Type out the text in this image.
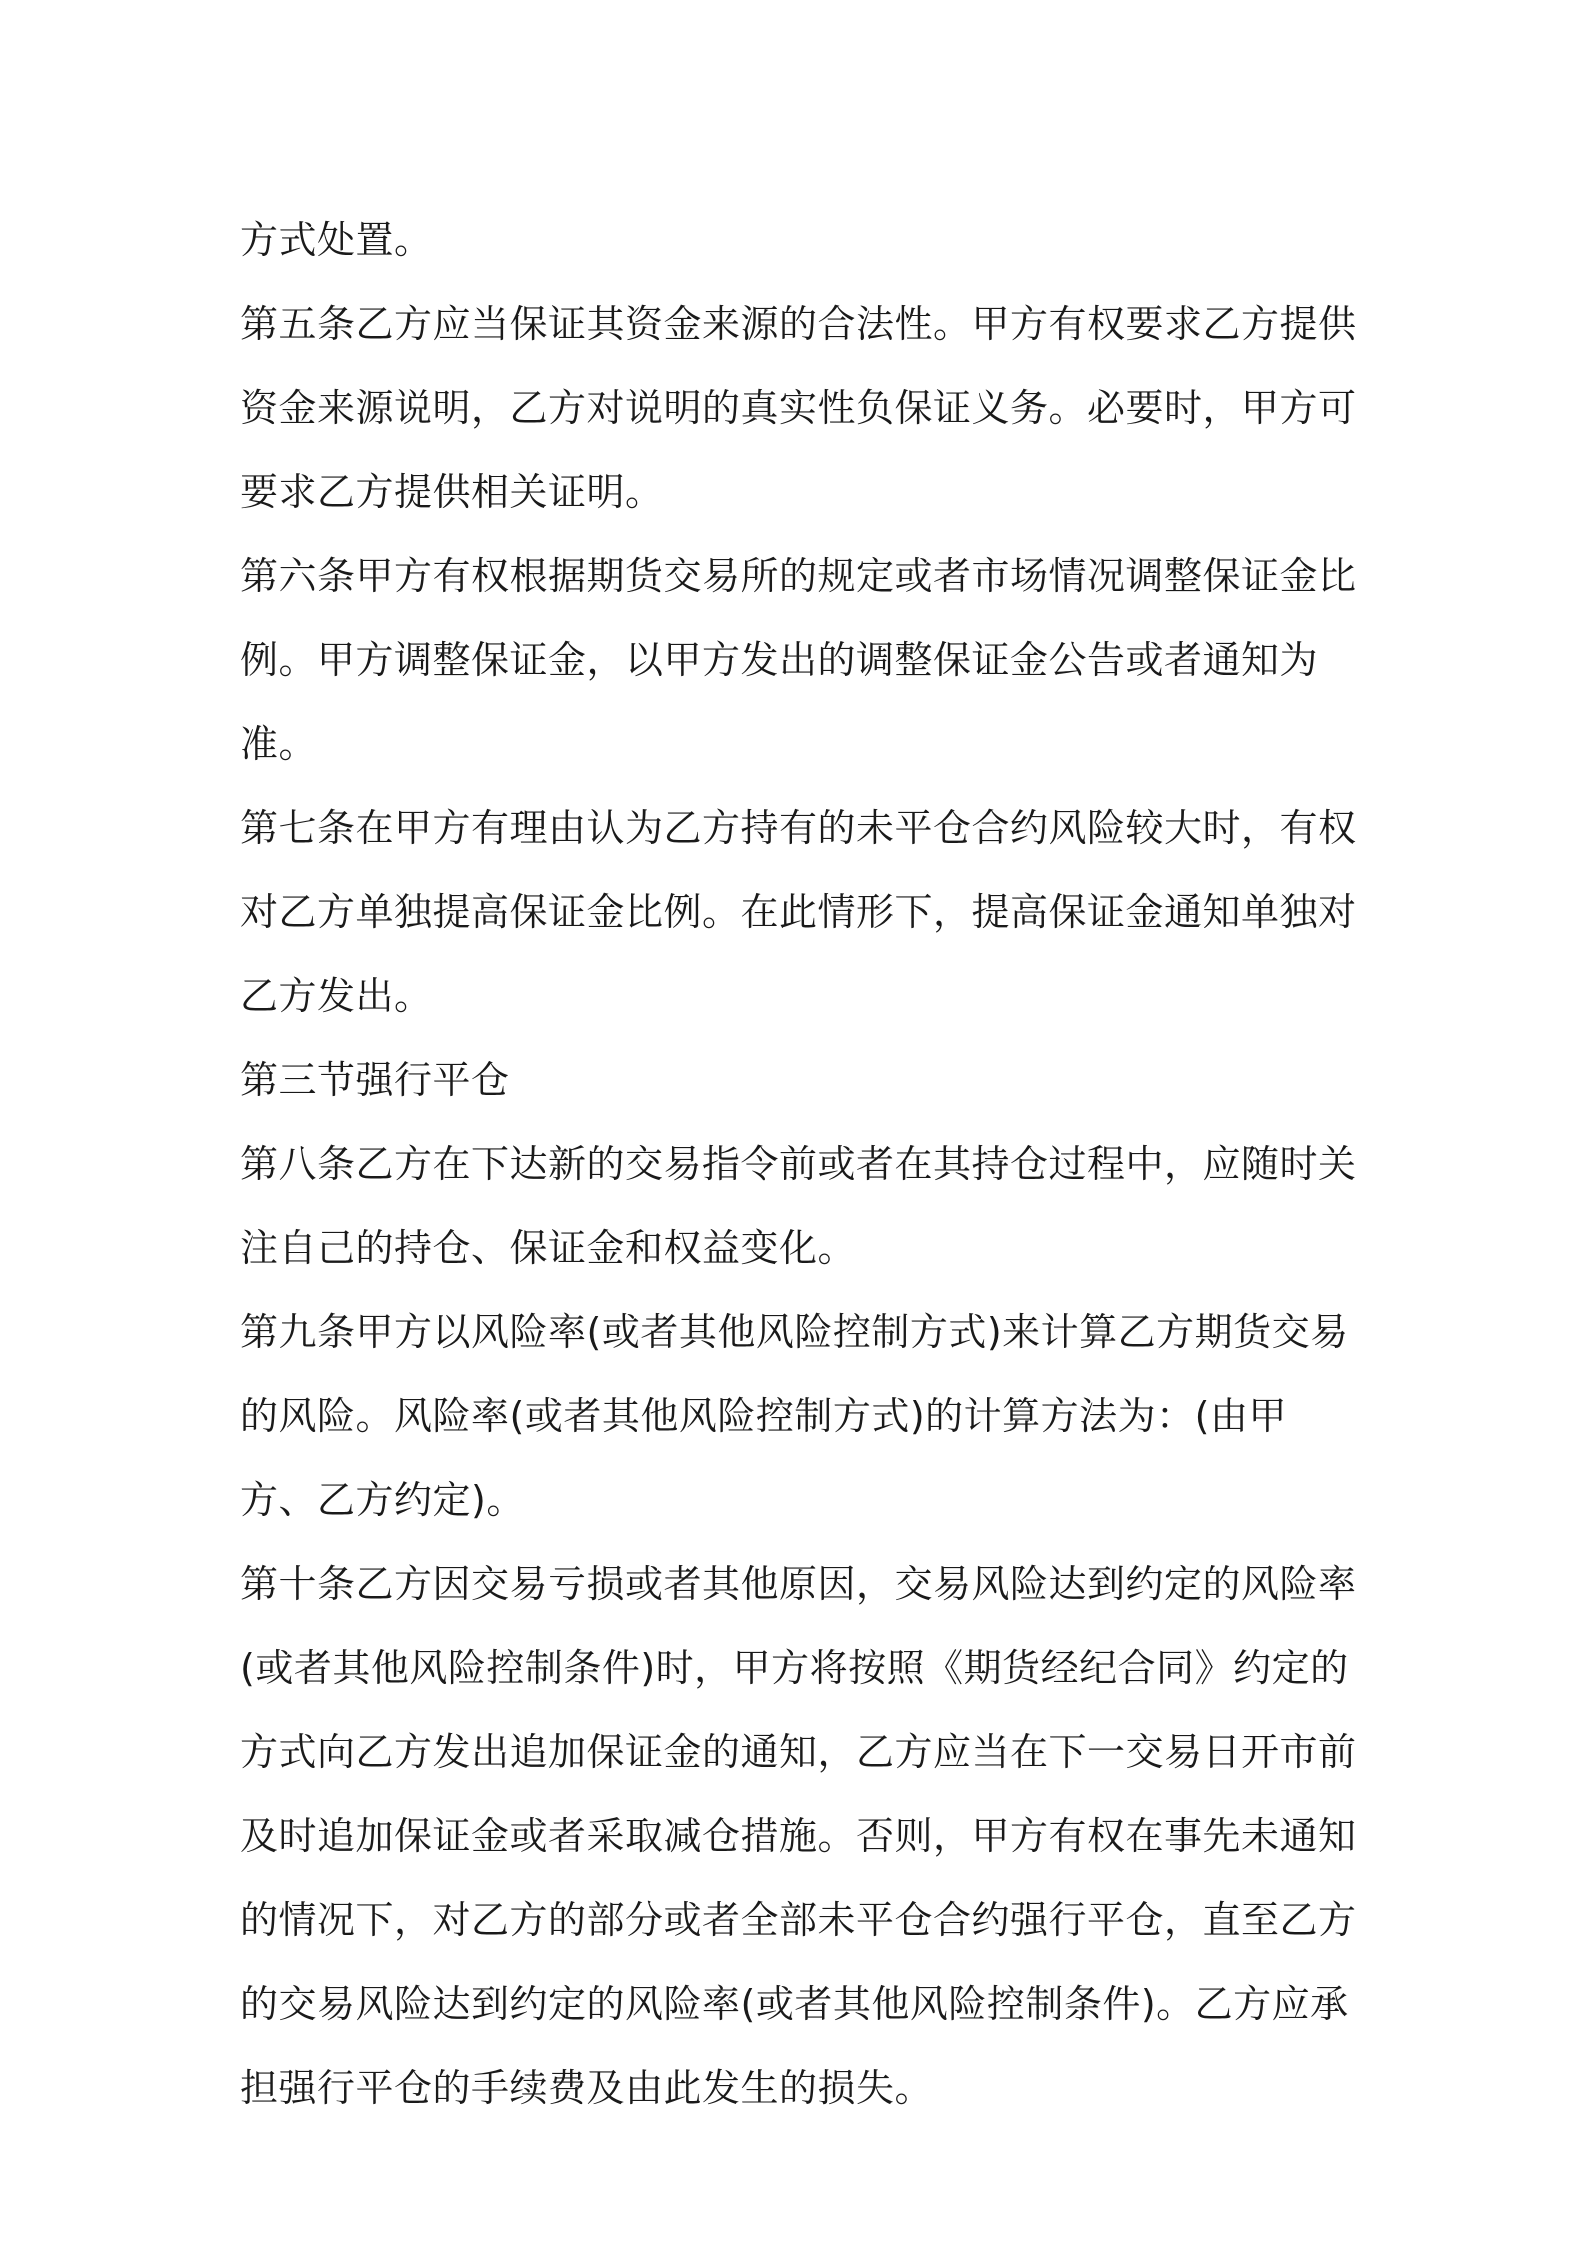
方式处置。

第五条乙方应当保证其资金来源的合法性。甲方有权要求乙方提供资金来源说明，乙方对说明的真实性负保证义务。必要时，甲方可要求乙方提供相关证明。

第六条甲方有权根据期货交易所的规定或者市场情况调整保证金比例。甲方调整保证金，以甲方发出的调整保证金公告或者通知为准。

第七条在甲方有理由认为乙方持有的未平仓合约风险较大时，有权对乙方单独提高保证金比例。在此情形下，提高保证金通知单独对乙方发出。

第三节强行平仓

第八条乙方在下达新的交易指令前或者在其持仓过程中，应随时关注自己的持仓、保证金和权益变化。

第九条甲方以风险率(或者其他风险控制方式)来计算乙方期货交易的风险。风险率(或者其他风险控制方式)的计算方法为：(由甲方、乙方约定)。

第十条乙方因交易亏损或者其他原因，交易风险达到约定的风险率(或者其他风险控制条件)时，甲方将按照《期货经纪合同》约定的方式向乙方发出追加保证金的通知，乙方应当在下一交易日开市前及时追加保证金或者采取减仓措施。否则，甲方有权在事先未通知的情况下，对乙方的部分或者全部未平仓合约强行平仓，直至乙方的交易风险达到约定的风险率(或者其他风险控制条件)。乙方应承担强行平仓的手续费及由此发生的损失。
